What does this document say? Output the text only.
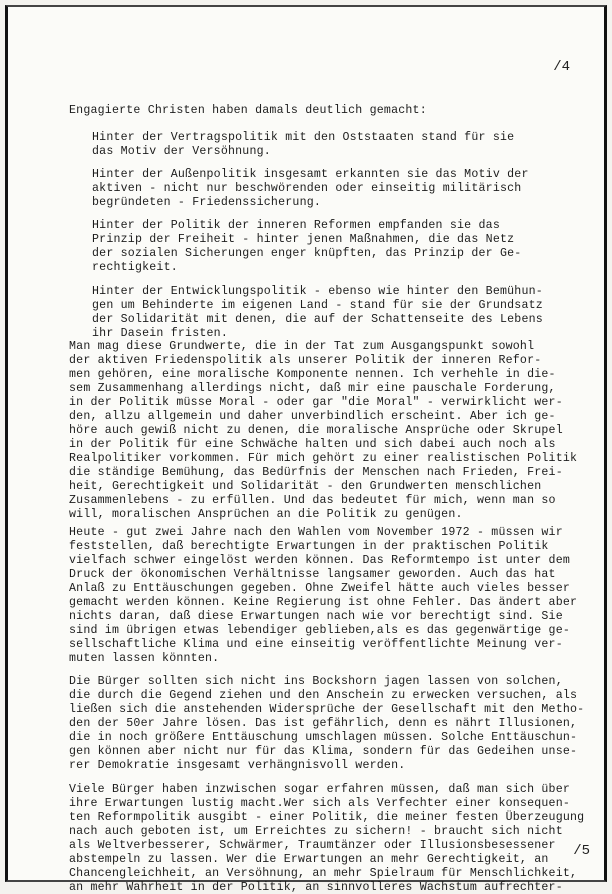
/4
Engagierte Christen haben damals deutlich gemacht:
Hinter der Vertragspolitik mit den Oststaaten stand für sie
das Motiv der Versöhnung.
Hinter der Außenpolitik insgesamt erkannten sie das Motiv der
aktiven - nicht nur beschwörenden oder einseitig militärisch
begründeten - Friedenssicherung.
Hinter der Politik der inneren Reformen empfanden sie das
Prinzip der Freiheit - hinter jenen Maßnahmen, die das Netz
der sozialen Sicherungen enger knüpften, das Prinzip der Ge-
rechtigkeit.
Hinter der Entwicklungspolitik - ebenso wie hinter den Bemühun-
gen um Behinderte im eigenen Land - stand für sie der Grundsatz
der Solidarität mit denen, die auf der Schattenseite des Lebens
ihr Dasein fristen.
Man mag diese Grundwerte, die in der Tat zum Ausgangspunkt sowohl
der aktiven Friedenspolitik als unserer Politik der inneren Refor-
men gehören, eine moralische Komponente nennen. Ich verhehle in die-
sem Zusammenhang allerdings nicht, daß mir eine pauschale Forderung,
in der Politik müsse Moral - oder gar "die Moral" - verwirklicht wer-
den, allzu allgemein und daher unverbindlich erscheint. Aber ich ge-
höre auch gewiß nicht zu denen, die moralische Ansprüche oder Skrupel
in der Politik für eine Schwäche halten und sich dabei auch noch als
Realpolitiker vorkommen. Für mich gehört zu einer realistischen Politik
die ständige Bemühung, das Bedürfnis der Menschen nach Frieden, Frei-
heit, Gerechtigkeit und Solidarität - den Grundwerten menschlichen
Zusammenlebens - zu erfüllen. Und das bedeutet für mich, wenn man so
will, moralischen Ansprüchen an die Politik zu genügen.
Heute - gut zwei Jahre nach den Wahlen vom November 1972 - müssen wir
feststellen, daß berechtigte Erwartungen in der praktischen Politik
vielfach schwer eingelöst werden können. Das Reformtempo ist unter dem
Druck der ökonomischen Verhältnisse langsamer geworden. Auch das hat
Anlaß zu Enttäuschungen gegeben. Ohne Zweifel hätte auch vieles besser
gemacht werden können. Keine Regierung ist ohne Fehler. Das ändert aber
nichts daran, daß diese Erwartungen nach wie vor berechtigt sind. Sie
sind im übrigen etwas lebendiger geblieben,als es das gegenwärtige ge-
sellschaftliche Klima und eine einseitig veröffentlichte Meinung ver-
muten lassen könnten.
Die Bürger sollten sich nicht ins Bockshorn jagen lassen von solchen,
die durch die Gegend ziehen und den Anschein zu erwecken versuchen, als
ließen sich die anstehenden Widersprüche der Gesellschaft mit den Metho-
den der 50er Jahre lösen. Das ist gefährlich, denn es nährt Illusionen,
die in noch größere Enttäuschung umschlagen müssen. Solche Enttäuschun-
gen können aber nicht nur für das Klima, sondern für das Gedeihen unse-
rer Demokratie insgesamt verhängnisvoll werden.
Viele Bürger haben inzwischen sogar erfahren müssen, daß man sich über
ihre Erwartungen lustig macht.Wer sich als Verfechter einer konsequen-
ten Reformpolitik ausgibt - einer Politik, die meiner festen Überzeugung
nach auch geboten ist, um Erreichtes zu sichern! - braucht sich nicht
als Weltverbesserer, Schwärmer, Traumtänzer oder Illusionsbesessener
abstempeln zu lassen. Wer die Erwartungen an mehr Gerechtigkeit, an
Chancengleichheit, an Versöhnung, an mehr Spielraum für Menschlichkeit,
an mehr Wahrheit in der Politik, an sinnvolleres Wachstum aufrechter-
/5
